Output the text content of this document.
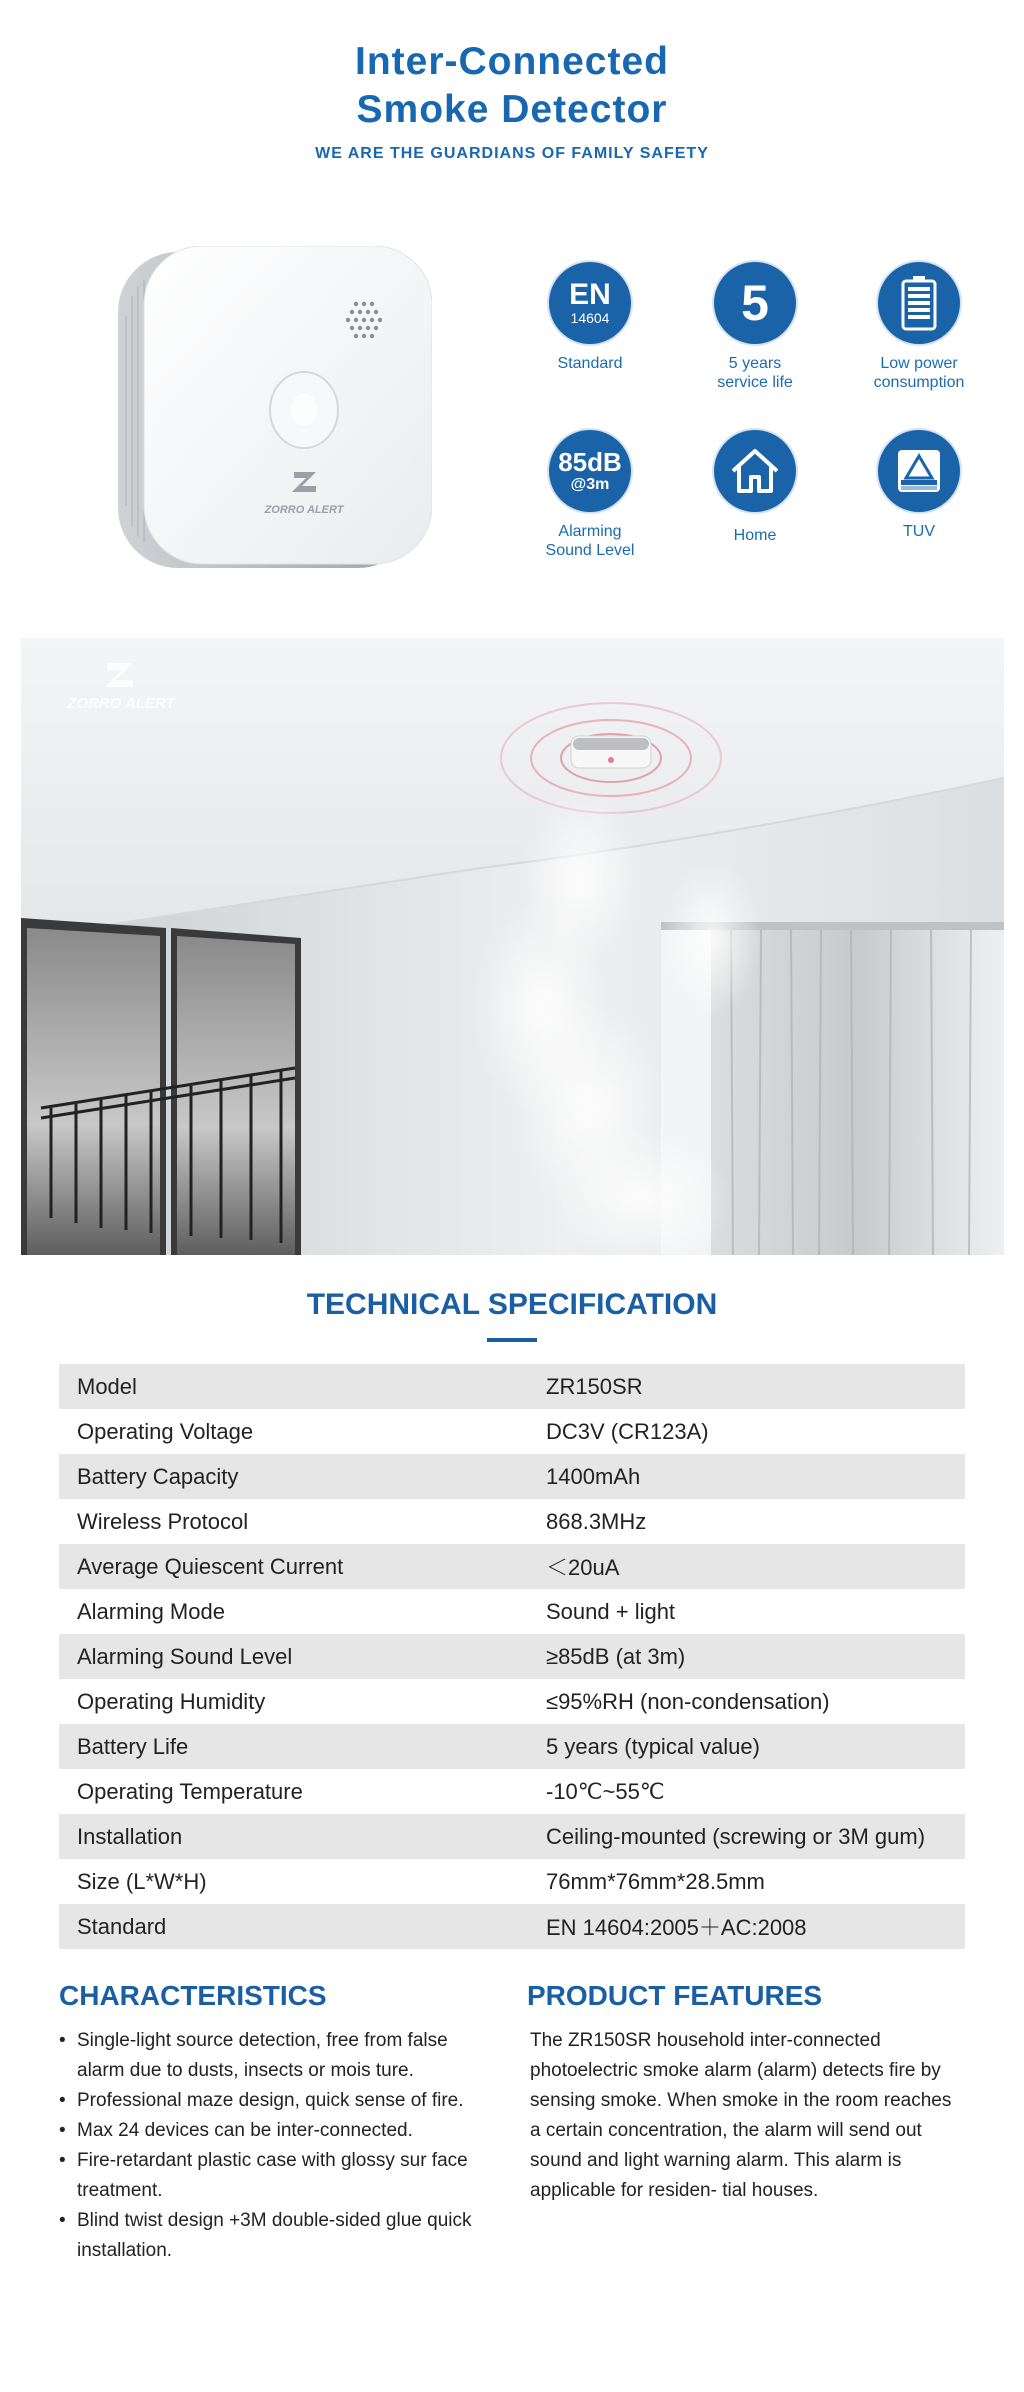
Inter-Connected
Smoke Detector
WE ARE THE GUARDIANS OF FAMILY SAFETY
ZORRO ALERT
EN
14604
Standard
5
5 years
service life
Low power
consumption
85dB
@3m
Alarming
Sound Level
Home	TUV
ZORRO ALERT
TECHNICAL SPECIFICATION
Model	ZR150SR
Operating Voltage	DC3V (CR123A)
Battery Capacity	1400mAh
Wireless Protocol	868.3MHz
Average Quiescent Current	＜20uA
Alarming Mode	Sound + light
Alarming Sound Level	≥85dB (at 3m)
Operating Humidity	≤95%RH (non-condensation)
Battery Life	5 years (typical value)
Operating Temperature	-10℃~55℃
Installation	Ceiling-mounted (screwing or 3M gum)
Size (L*W*H)	76mm*76mm*28.5mm
Standard	EN 14604:2005＋AC:2008
CHARACTERISTICS
• Single-light source detection, free from false alarm due to dusts, insects or mois ture.
• Professional maze design, quick sense of fire.
• Max 24 devices can be inter-connected.
• Fire-retardant plastic case with glossy sur face treatment.
• Blind twist design +3M double-sided glue quick installation.
PRODUCT FEATURES

The ZR150SR household inter-connected photoelectric smoke alarm (alarm) detects fire by sensing smoke. When smoke in the room reaches a certain concentration, the alarm will send out sound and light warning alarm. This alarm is applicable for residen- tial houses.
